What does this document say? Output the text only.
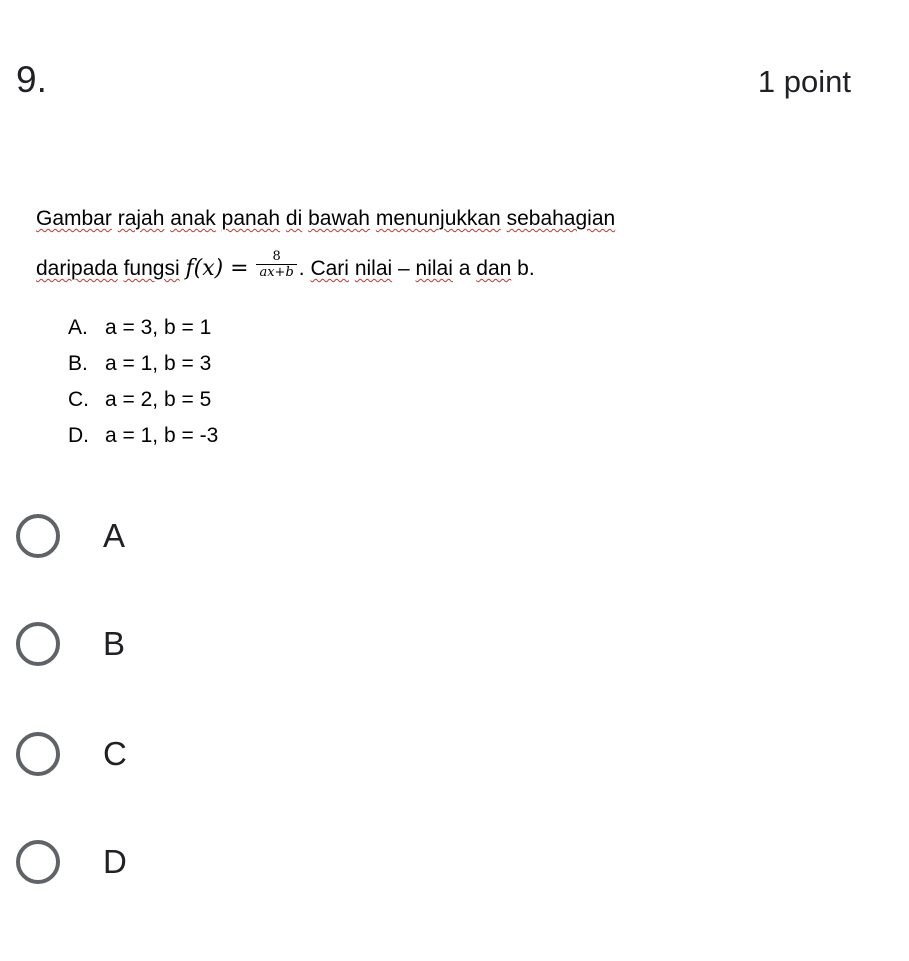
9.	1 point
Gambar rajah anak panah di bawah menunjukkan sebahagian
daripada fungsi $f(x) = \frac{8}{ax+b}$ . Cari nilai – nilai a dan b.
A. a = 3, b = 1
B. a = 1, b = 3
C. a = 2, b = 5
D. a = 1, b = -3
A
B
C
D
